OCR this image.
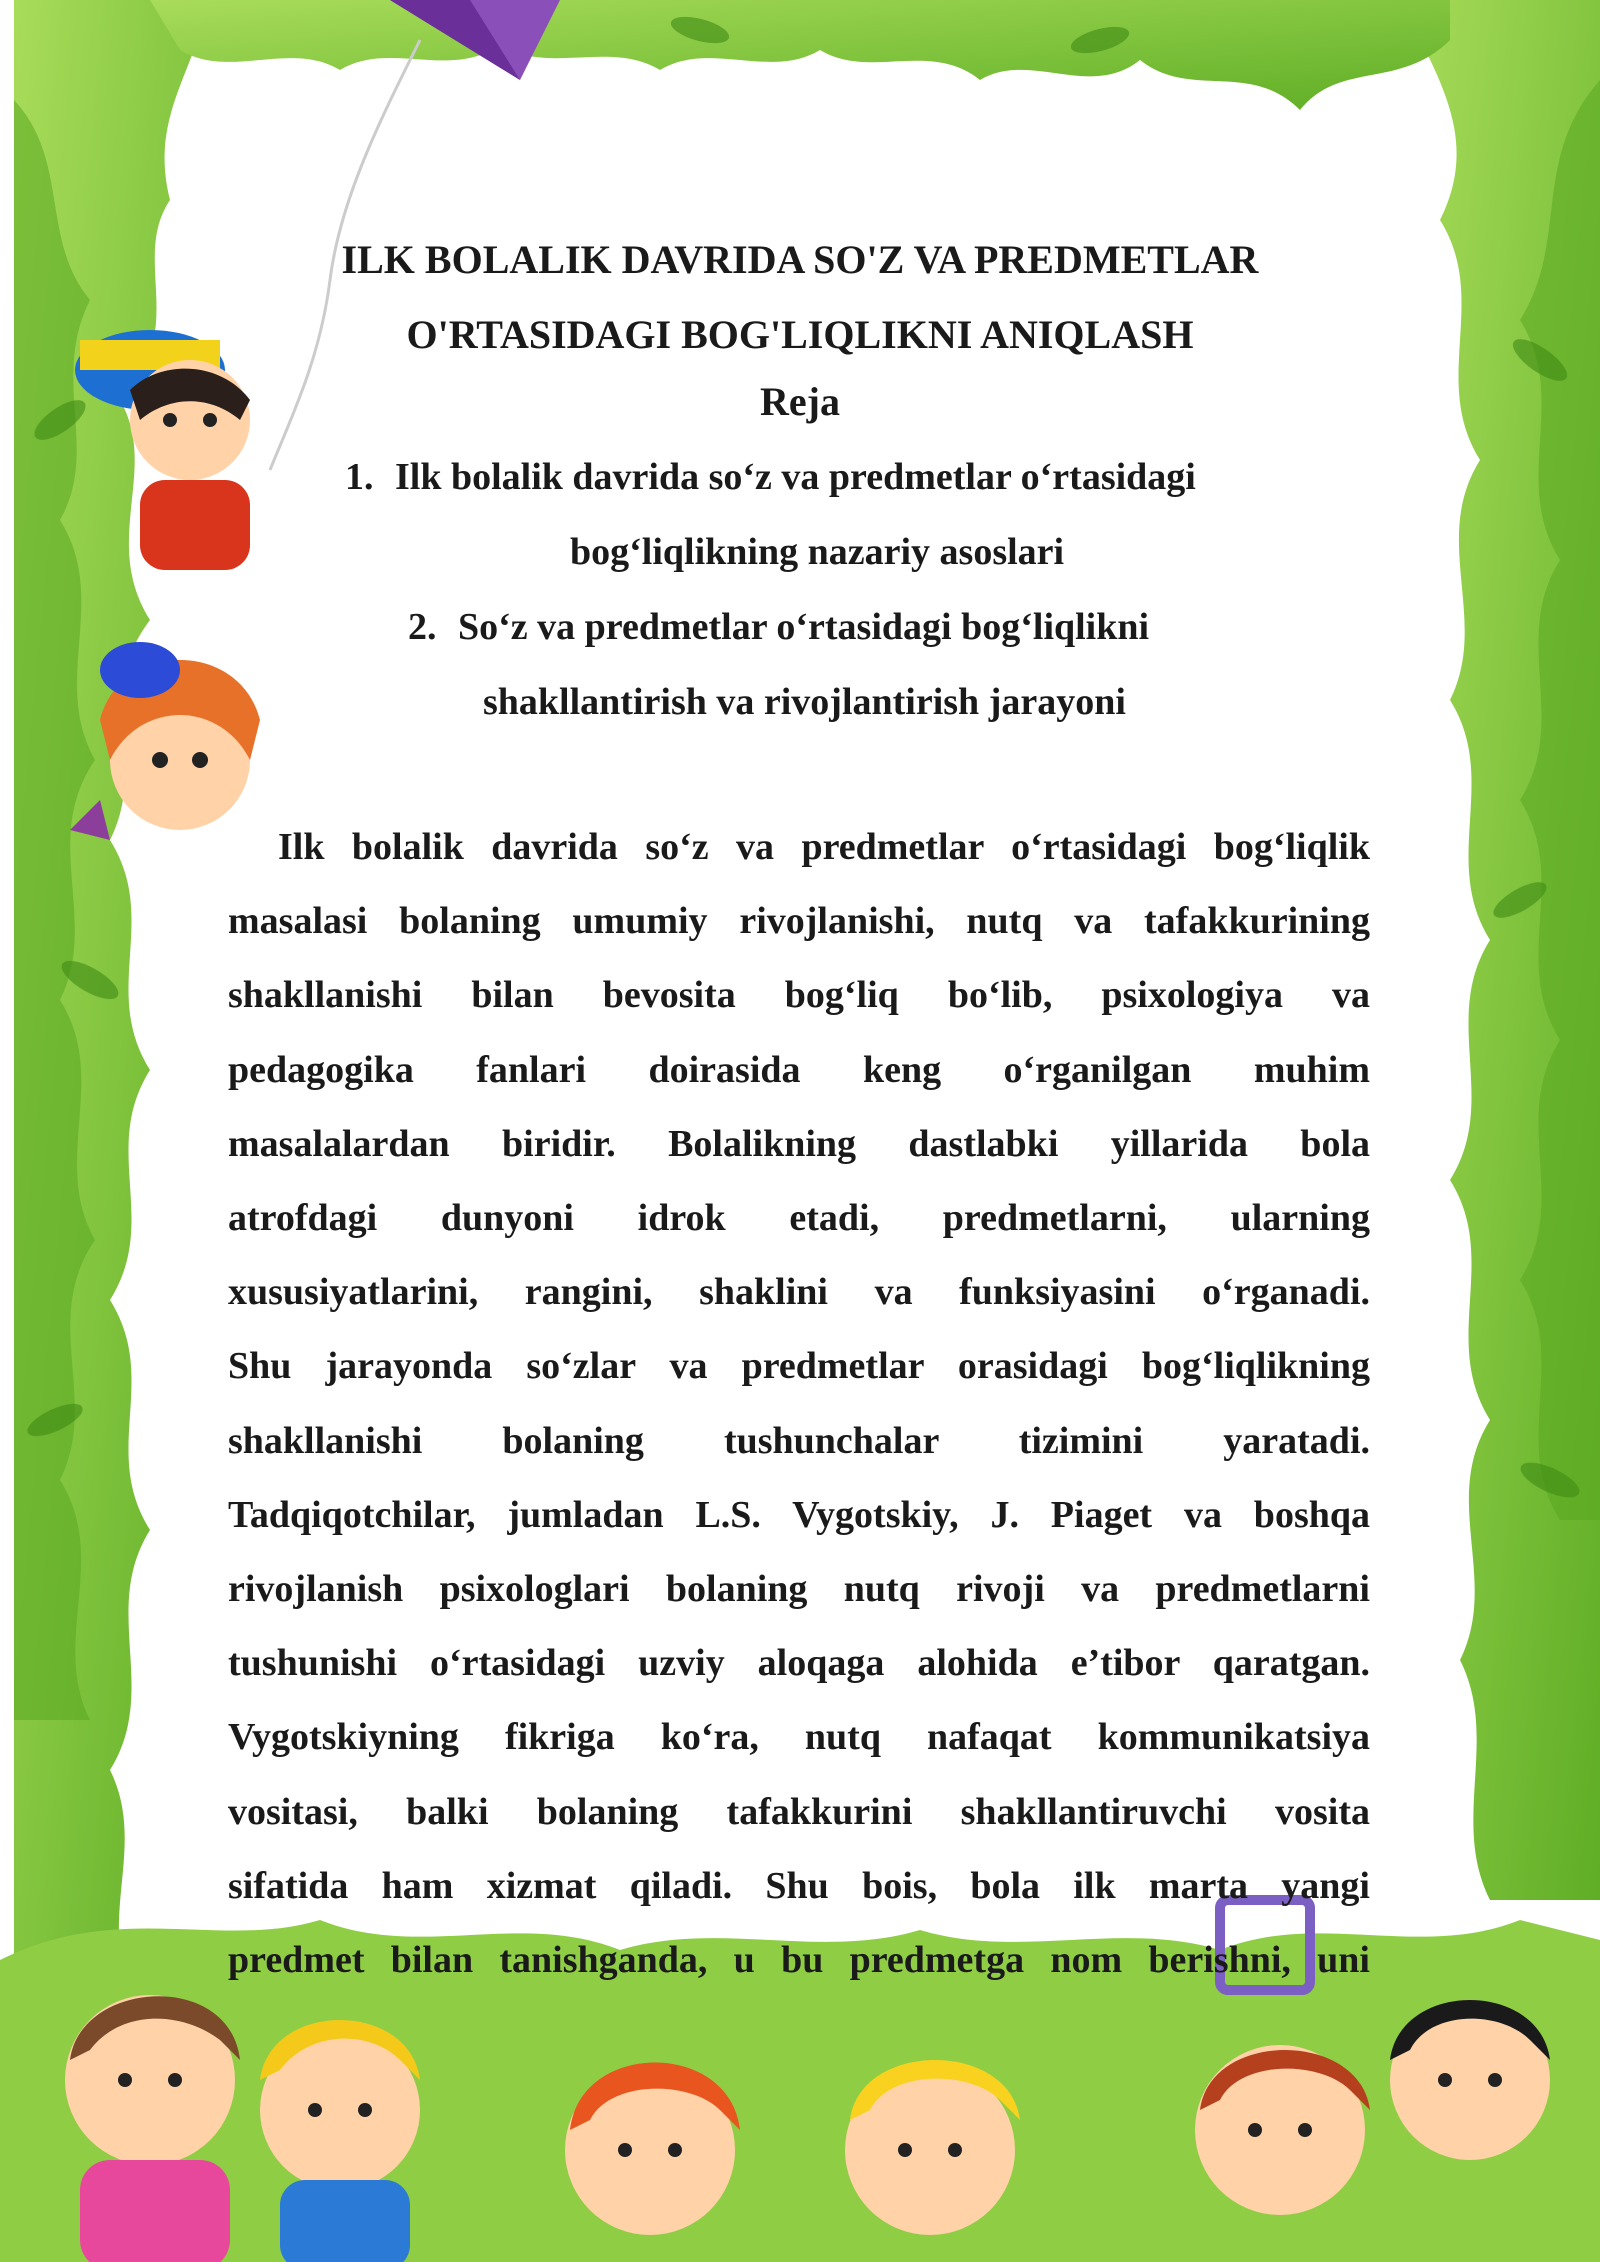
ILK BOLALIK DAVRIDA SO'Z VA PREDMETLAR
O'RTASIDAGI BOG'LIQLIKNI ANIQLASH
Reja
1. Ilk bolalik davrida so‘z va predmetlar o‘rtasidagi
bog‘liqlikning nazariy asoslari
2. So‘z va predmetlar o‘rtasidagi bog‘liqlikni
shakllantirish va rivojlantirish jarayoni

Ilk bolalik davrida so‘z va predmetlar o‘rtasidagi bog‘liqlik
masalasi bolaning umumiy rivojlanishi, nutq va tafakkurining
shakllanishi bilan bevosita bog‘liq bo‘lib, psixologiya va
pedagogika fanlari doirasida keng o‘rganilgan muhim
masalalardan biridir. Bolalikning dastlabki yillarida bola
atrofdagi dunyoni idrok etadi, predmetlarni, ularning
xususiyatlarini, rangini, shaklini va funksiyasini o‘rganadi.
Shu jarayonda so‘zlar va predmetlar orasidagi bog‘liqlikning
shakllanishi bolaning tushunchalar tizimini yaratadi.
Tadqiqotchilar, jumladan L.S. Vygotskiy, J. Piaget va boshqa
rivojlanish psixologlari bolaning nutq rivoji va predmetlarni
tushunishi o‘rtasidagi uzviy aloqaga alohida e’tibor qaratgan.
Vygotskiyning fikriga ko‘ra, nutq nafaqat kommunikatsiya
vositasi, balki bolaning tafakkurini shakllantiruvchi vosita
sifatida ham xizmat qiladi. Shu bois, bola ilk marta yangi
predmet bilan tanishganda, u bu predmetga nom berishni, uni
